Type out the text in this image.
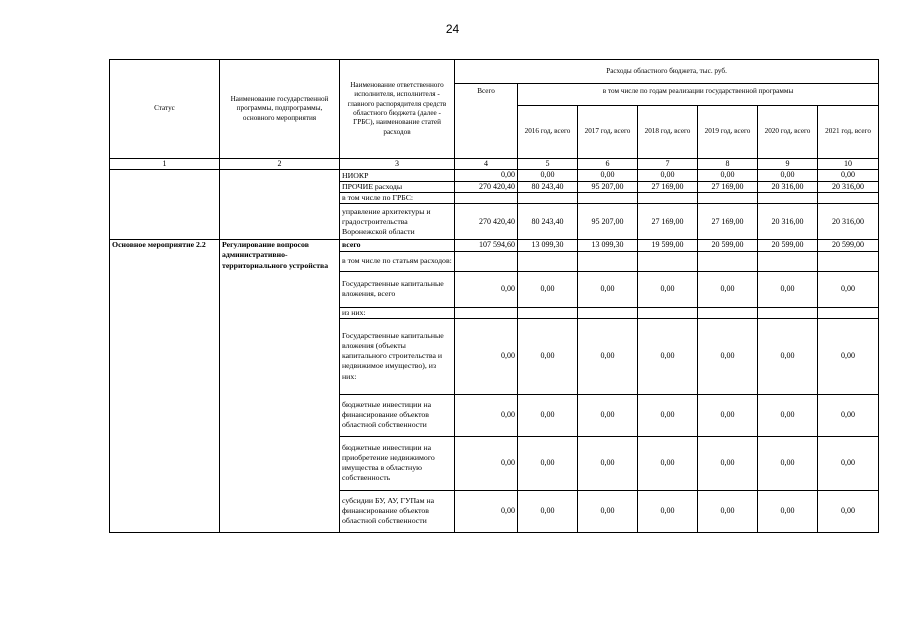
24
Статус	Наименование государственной программы, подпрограммы, основного мероприятия	Наименование ответственного исполнителя, исполнителя - главного распорядителя средств областного бюджета (далее - ГРБС), наименование статей расходов	Расходы областного бюджета, тыс. руб.						
			Всего	в том числе по годам реализации государственной программы					
				2016 год, всего	2017 год, всего	2018 год, всего	2019 год, всего	2020 год, всего	2021 год, всего
1	2	3	4	5	6	7	8	9	10
		НИОКР	0,00	0,00	0,00	0,00	0,00	0,00	0,00
		ПРОЧИЕ расходы	270 420,40	80 243,40	95 207,00	27 169,00	27 169,00	20 316,00	20 316,00
		в том числе по ГРБС:							
		управление архитектуры и градостроительства Воронежской области	270 420,40	80 243,40	95 207,00	27 169,00	27 169,00	20 316,00	20 316,00
Основное мероприятие 2.2	Регулирование вопросов административно-территориального устройства	всего	107 594,60	13 099,30	13 099,30	19 599,00	20 599,00	20 599,00	20 599,00
		в том числе по статьям расходов:							
		Государственные капитальные вложения, всего	0,00	0,00	0,00	0,00	0,00	0,00	0,00
		из них:							
		Государственные капитальные вложения (объекты капитального строительства и недвижимое имущество), из них:	0,00	0,00	0,00	0,00	0,00	0,00	0,00
		бюджетные инвестиции на финансирование объектов областной собственности	0,00	0,00	0,00	0,00	0,00	0,00	0,00
		бюджетные инвестиции на приобретение недвижимого имущества в областную собственность	0,00	0,00	0,00	0,00	0,00	0,00	0,00
		субсидии БУ, АУ, ГУПам на финансирование объектов областной собственности	0,00	0,00	0,00	0,00	0,00	0,00	0,00
